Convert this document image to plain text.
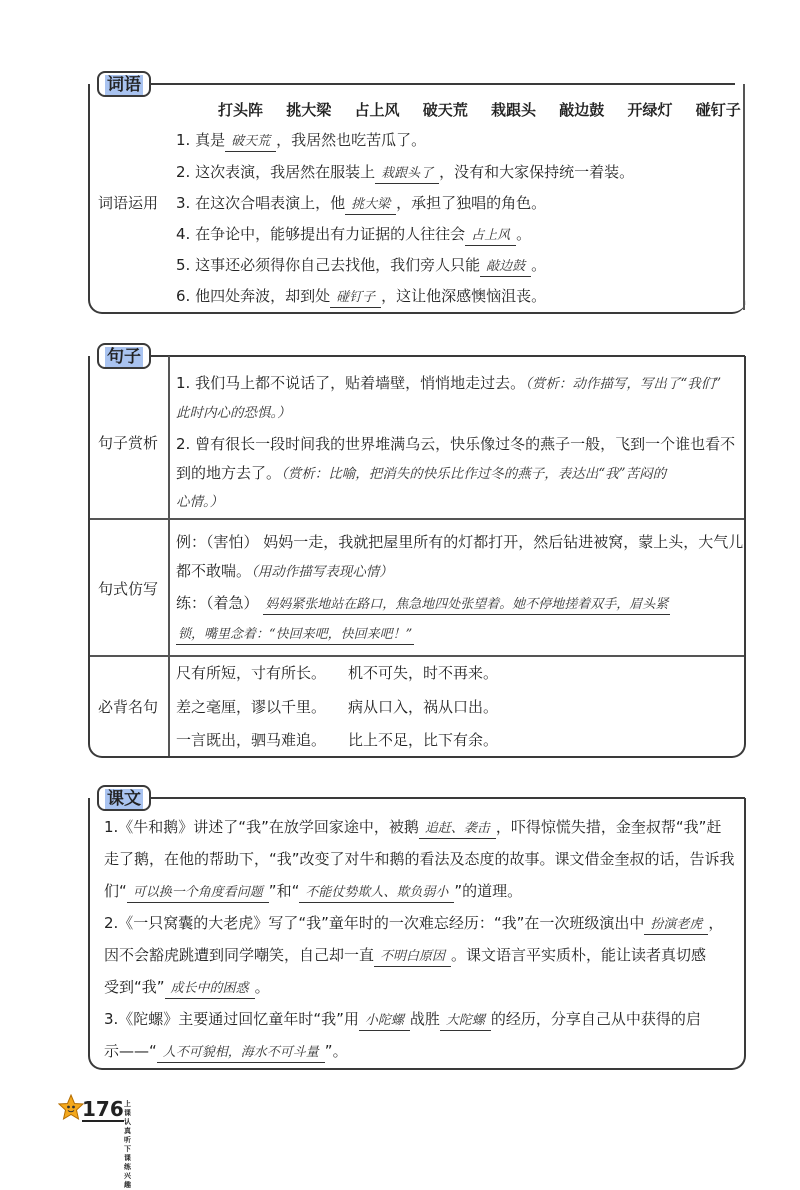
词语
打头阵 挑大梁 占上风 破天荒 栽跟头 敲边鼓 开绿灯 碰钉子
词语运用
1. 真是 破天荒 ，我居然也吃苦瓜了。
2. 这次表演，我居然在服装上 栽跟头了 ，没有和大家保持统一着装。
3. 在这次合唱表演上，他 挑大梁 ，承担了独唱的角色。
4. 在争论中，能够提出有力证据的人往往会 占上风 。
5. 这事还必须得你自己去找他，我们旁人只能 敲边鼓 。
6. 他四处奔波，却到处 碰钉子 ，这让他深感懊恼沮丧。
句子
句子赏析
1. 我们马上都不说话了，贴着墙壁，悄悄地走过去。（赏析：动作描写，写出了“我们”
此时内心的恐惧。）
2. 曾有很长一段时间我的世界堆满乌云，快乐像过冬的燕子一般，飞到一个谁也看不
到的地方去了。（赏析：比喻，把消失的快乐比作过冬的燕子，表达出“我”苦闷的
心情。）
句式仿写
例：（害怕） 妈妈一走，我就把屋里所有的灯都打开，然后钻进被窝，蒙上头，大气儿
都不敢喘。（用动作描写表现心情）
练：（着急） 妈妈紧张地站在路口，焦急地四处张望着。她不停地搓着双手，眉头紧
锁，嘴里念着：“快回来吧，快回来吧！”
必背名句
尺有所短，寸有所长。 机不可失，时不再来。
差之毫厘，谬以千里。 病从口入，祸从口出。
一言既出，驷马难追。 比上不足，比下有余。
课文
1.《牛和鹅》讲述了“我”在放学回家途中，被鹅 追赶、袭击 ，吓得惊慌失措，金奎叔帮“我”赶
走了鹅，在他的帮助下，“我”改变了对牛和鹅的看法及态度的故事。课文借金奎叔的话，告诉我
们“ 可以换一个角度看问题 ”和“ 不能仗势欺人、欺负弱小 ”的道理。
2.《一只窝囊的大老虎》写了“我”童年时的一次难忘经历：“我”在一次班级演出中 扮演老虎 ，
因不会豁虎跳遭到同学嘲笑，自己却一直 不明白原因 。课文语言平实质朴，能让读者真切感
受到“我” 成长中的困惑 。
3.《陀螺》主要通过回忆童年时“我”用 小陀螺 战胜 大陀螺 的经历，分享自己从中获得的启
示——“ 人不可貌相，海水不可斗量 ”。
176 上课认真听
下课练兴趣
